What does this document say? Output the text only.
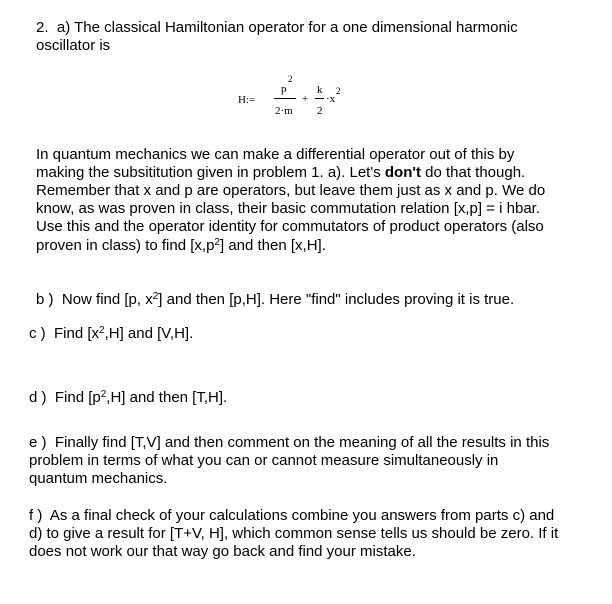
2. a) The classical Hamiltonian operator for a one dimensional harmonic
oscillator is
H:=
2
p
2·m
+
k
2
·x
2
In quantum mechanics we can make a differential operator out of this by
making the subsititution given in problem 1. a). Let's don't do that though.
Remember that x and p are operators, but leave them just as x and p. We do
know, as was proven in class, their basic commutation relation [x,p] = i hbar.
Use this and the operator identity for commutators of product operators (also
proven in class) to find $[x,p^2]$ and then [x,H].
b ) Now find [p, $x^2$] and then [p,H]. Here "find" includes proving it is true.
c ) Find $[x^2,H]$ and [V,H].
d ) Find $[p^2,H]$ and then [T,H].
e ) Finally find [T,V] and then comment on the meaning of all the results in this
problem in terms of what you can or cannot measure simultaneously in
quantum mechanics.
f ) As a final check of your calculations combine you answers from parts c) and
d) to give a result for [T+V, H], which common sense tells us should be zero. If it
does not work our that way go back and find your mistake.
